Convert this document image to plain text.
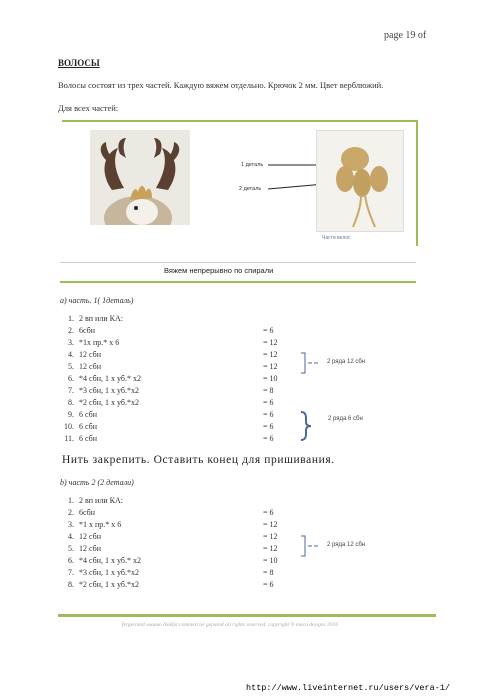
page 19 of
ВОЛОСЫ
Волосы состоят из трех частей. Каждую вяжем отдельно. Крючок 2 мм. Цвет верблюжий.
Для всех частей:
1 деталь
2 деталь
Части волос
Вяжем непрерывно по спирали
a) часть. 1( 1деталь)
1. 2 вп или КА:
2. 6сбн
3. *1х пр.* х 6
4. 12 сбн
5. 12 сбн
6. *4 сбн, 1 х уб.* х2
7. *3 сбн, 1 х уб.*х2
8. *2 сбн, 1 х уб.*х2
9. 6 сбн
10. 6 сбн
11. 6 сбн
= 6
= 12
= 12
= 12
= 10
= 8
= 6
= 6
= 6
= 6
2 ряда 12 сбн
2 ряда 6 сбн
Нить закрепить. Оставить конец для пришивания.
b) часть 2 (2 детали)
1. 2 вп или КА:
2. 6сбн
3. *1 х пр.* х 6
4. 12 сбн
5. 12 сбн
6. *4 сбн, 1 х уб.* х2
7. *3 сбн, 1 х уб.*х2
8. *2 сбн, 1 х уб.*х2
= 6
= 12
= 12
= 12
= 10
= 8
= 6
2 ряда 12 сбн
fergeronid мишко Nokfot commerciel gepunid all rights reserved. copyright ® maca designs 2016
http://www.liveinternet.ru/users/vera-1/
